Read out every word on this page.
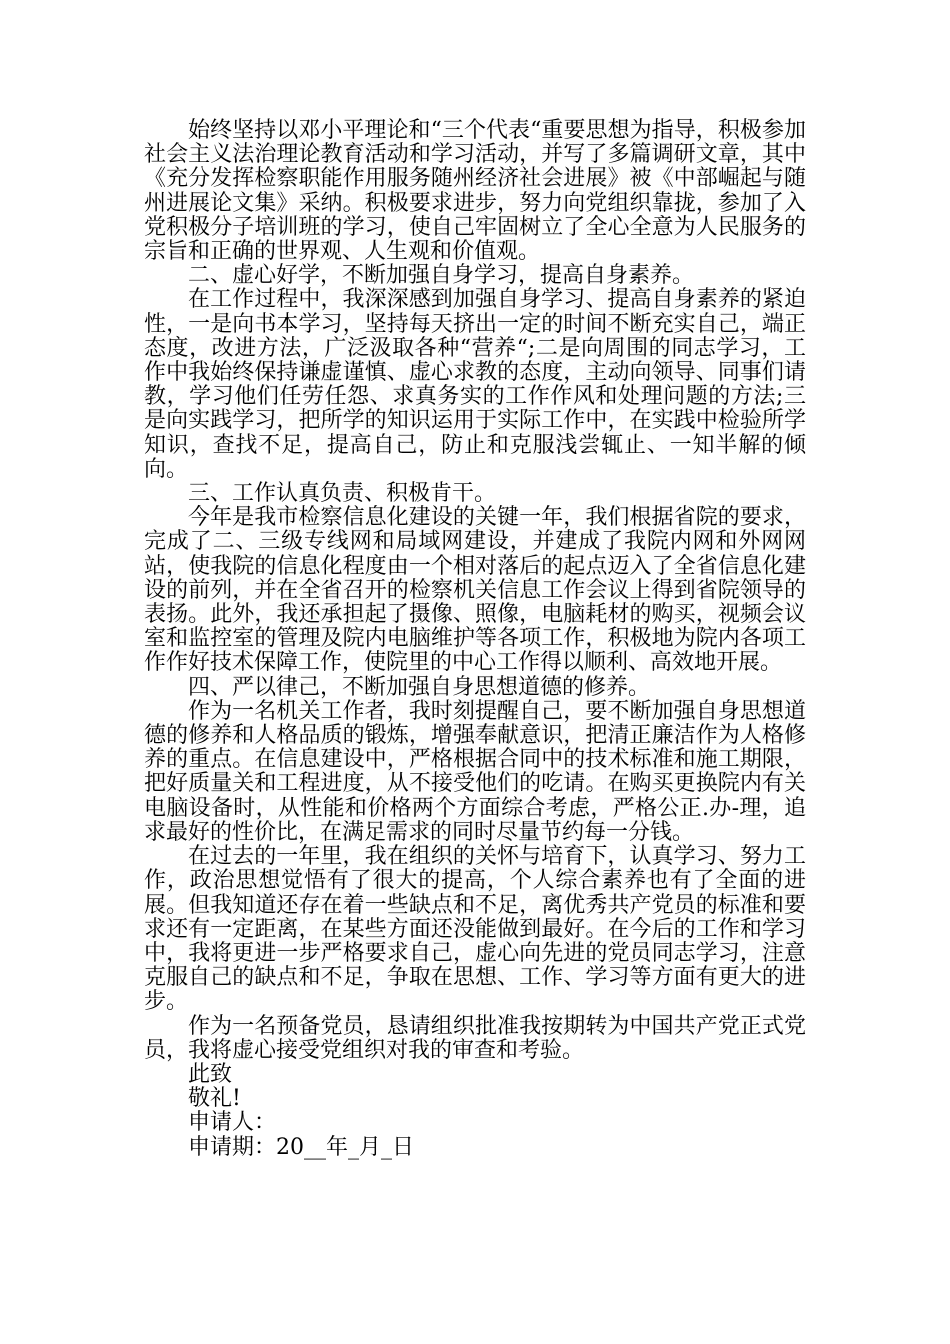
始终坚持以邓小平理论和“三个代表“重要思想为指导，积极参加社会主义法治理论教育活动和学习活动，并写了多篇调研文章，其中《充分发挥检察职能作用服务随州经济社会进展》被《中部崛起与随州进展论文集》采纳。积极要求进步，努力向党组织靠拢，参加了入党积极分子培训班的学习，使自己牢固树立了全心全意为人民服务的宗旨和正确的世界观、人生观和价值观。

二、虚心好学，不断加强自身学习，提高自身素养。

在工作过程中，我深深感到加强自身学习、提高自身素养的紧迫性，一是向书本学习，坚持每天挤出一定的时间不断充实自己，端正态度，改进方法，广泛汲取各种“营养“;二是向周围的同志学习，工作中我始终保持谦虚谨慎、虚心求教的态度，主动向领导、同事们请教，学习他们任劳任怨、求真务实的工作作风和处理问题的方法;三是向实践学习，把所学的知识运用于实际工作中，在实践中检验所学知识，查找不足，提高自己，防止和克服浅尝辄止、一知半解的倾向。

三、工作认真负责、积极肯干。

今年是我市检察信息化建设的关键一年，我们根据省院的要求，完成了二、三级专线网和局域网建设，并建成了我院内网和外网网站，使我院的信息化程度由一个相对落后的起点迈入了全省信息化建设的前列，并在全省召开的检察机关信息工作会议上得到省院领导的表扬。此外，我还承担起了摄像、照像，电脑耗材的购买，视频会议室和监控室的管理及院内电脑维护等各项工作，积极地为院内各项工作作好技术保障工作，使院里的中心工作得以顺利、高效地开展。

四、严以律己，不断加强自身思想道德的修养。

作为一名机关工作者，我时刻提醒自己，要不断加强自身思想道德的修养和人格品质的锻炼，增强奉献意识，把清正廉洁作为人格修养的重点。在信息建设中，严格根据合同中的技术标准和施工期限，把好质量关和工程进度，从不接受他们的吃请。在购买更换院内有关电脑设备时，从性能和价格两个方面综合考虑，严格公正.办-理，追求最好的性价比，在满足需求的同时尽量节约每一分钱。

在过去的一年里，我在组织的关怀与培育下，认真学习、努力工作，政治思想觉悟有了很大的提高，个人综合素养也有了全面的进展。但我知道还存在着一些缺点和不足，离优秀共产党员的标准和要求还有一定距离，在某些方面还没能做到最好。在今后的工作和学习中，我将更进一步严格要求自己，虚心向先进的党员同志学习，注意克服自己的缺点和不足，争取在思想、工作、学习等方面有更大的进步。

作为一名预备党员，恳请组织批准我按期转为中国共产党正式党员，我将虚心接受党组织对我的审查和考验。

此致

敬礼!

申请人：

申请期：20__年_月_日
